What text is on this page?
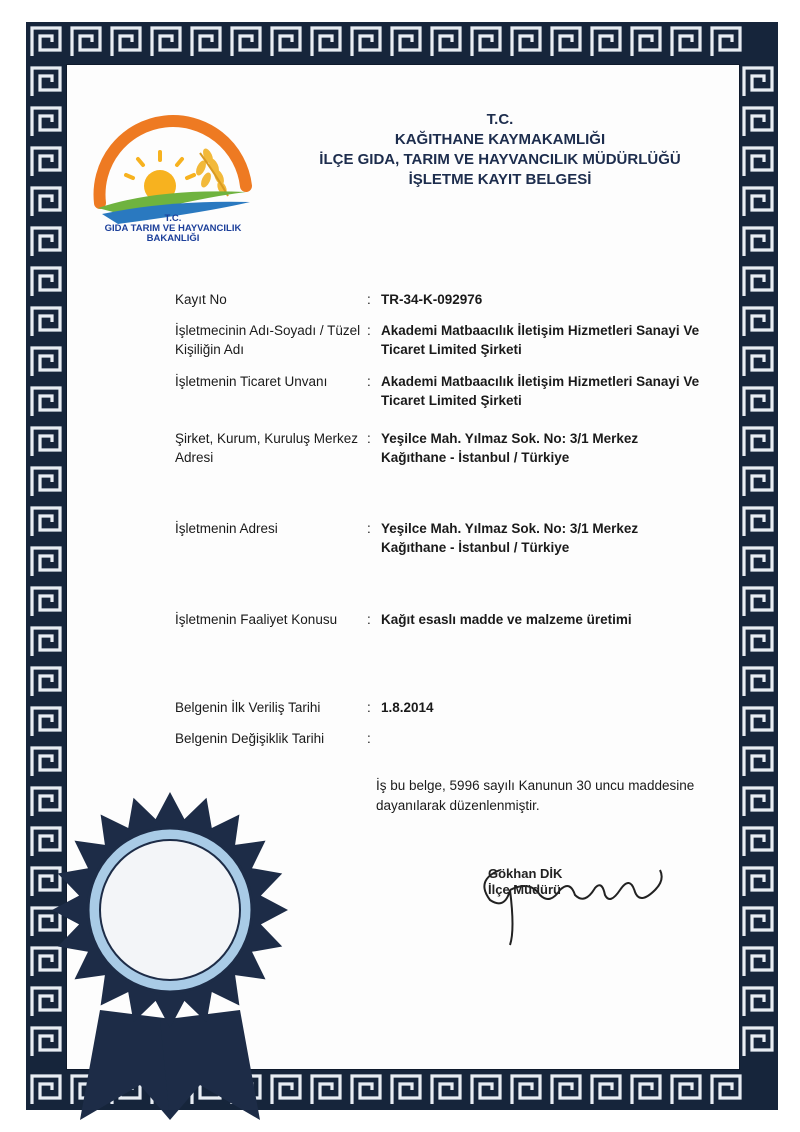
T.C.
GIDA TARIM VE HAYVANCILIK
BAKANLIĞI
T.C.
KAĞITHANE KAYMAKAMLIĞI
İLÇE GIDA, TARIM VE HAYVANCILIK MÜDÜRLÜĞÜ
İŞLETME KAYIT BELGESİ
Kayıt No	: TR-34-K-092976
İşletmecinin Adı-Soyadı / Tüzel Kişiliğin Adı
: Akademi Matbaacılık İletişim Hizmetleri Sanayi Ve Ticaret Limited Şirketi
İşletmenin Ticaret Unvanı	: Akademi Matbaacılık İletişim Hizmetleri Sanayi Ve Ticaret Limited Şirketi
Şirket, Kurum, Kuruluş Merkez Adresi
: Yeşilce Mah. Yılmaz Sok. No: 3/1 Merkez Kağıthane - İstanbul / Türkiye
İşletmenin Adresi	: Yeşilce Mah. Yılmaz Sok. No: 3/1 Merkez Kağıthane - İstanbul / Türkiye
İşletmenin Faaliyet Konusu	: Kağıt esaslı madde ve malzeme üretimi
Belgenin İlk Veriliş Tarihi	: 1.8.2014
Belgenin Değişiklik Tarihi	:
İş bu belge, 5996 sayılı Kanunun 30 uncu maddesine dayanılarak düzenlenmiştir.
Gökhan DİK
İlçe Müdürü
